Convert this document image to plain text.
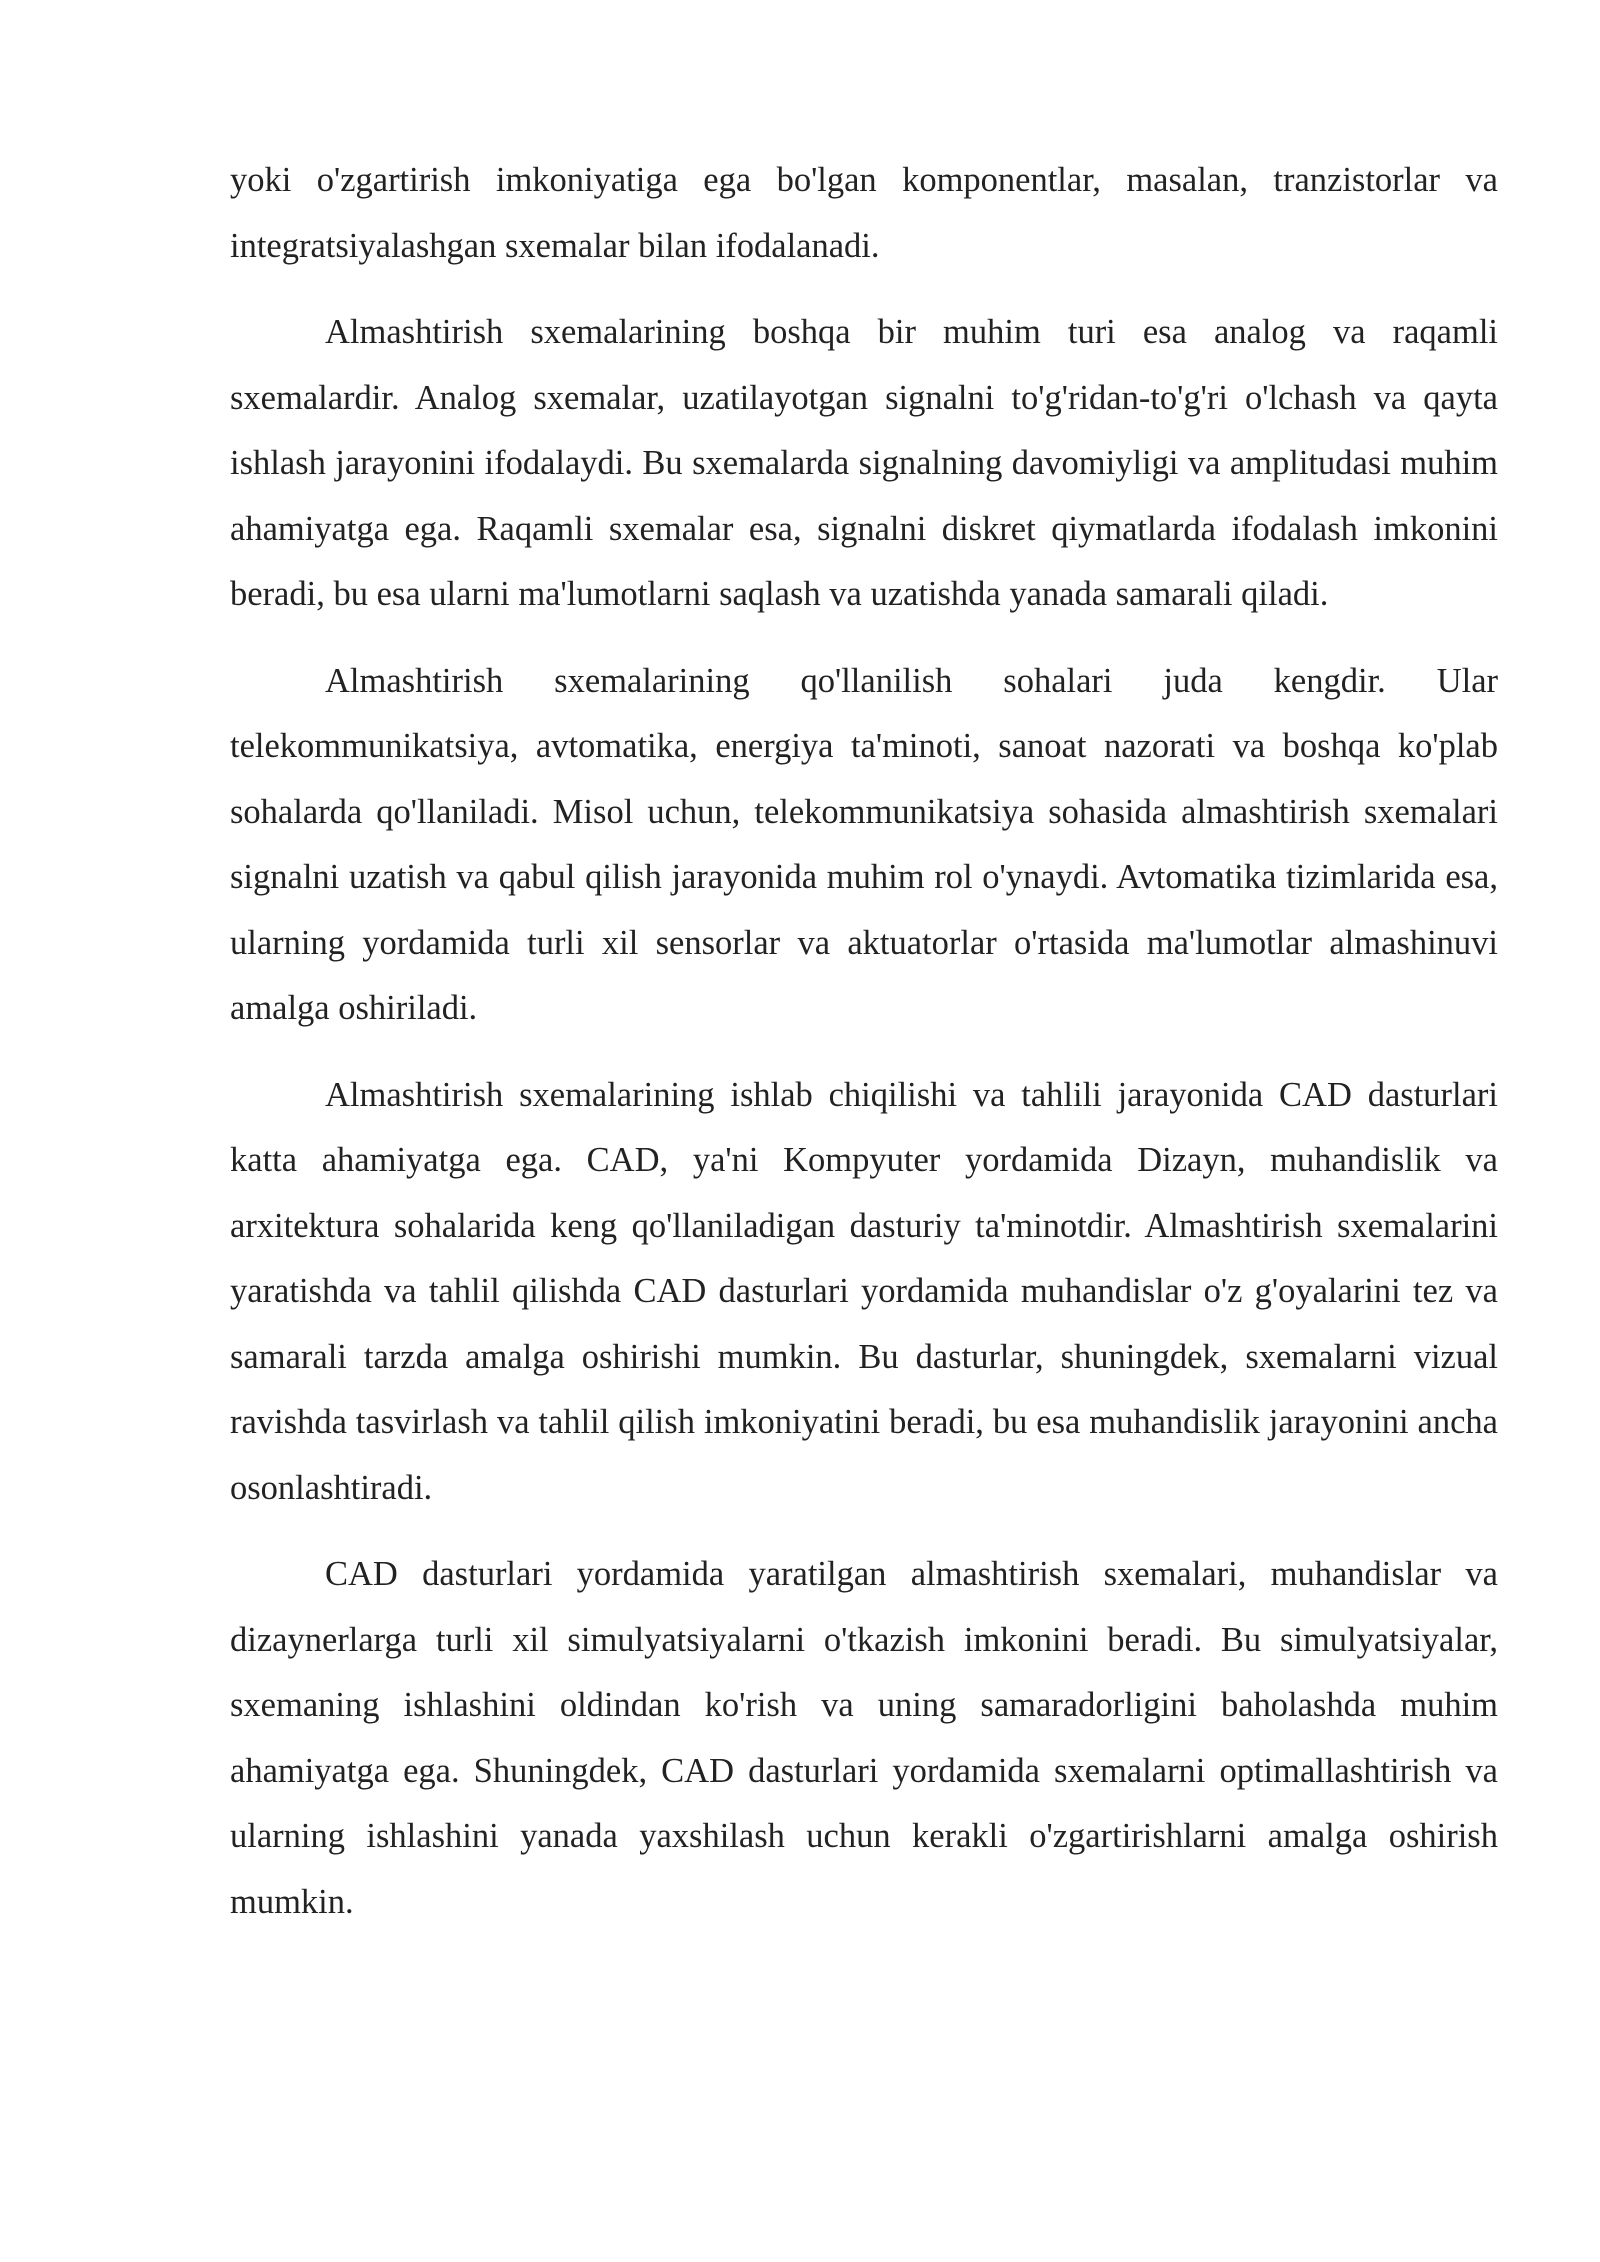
yoki o'zgartirish imkoniyatiga ega bo'lgan komponentlar, masalan, tranzistorlar va integratsiyalashgan sxemalar bilan ifodalanadi.

Almashtirish sxemalarining boshqa bir muhim turi esa analog va raqamli sxemalardir. Analog sxemalar, uzatilayotgan signalni to'g'ridan-to'g'ri o'lchash va qayta ishlash jarayonini ifodalaydi. Bu sxemalarda signalning davomiyligi va amplitudasi muhim ahamiyatga ega. Raqamli sxemalar esa, signalni diskret qiymatlarda ifodalash imkonini beradi, bu esa ularni ma'lumotlarni saqlash va uzatishda yanada samarali qiladi.

Almashtirish sxemalarining qo'llanilish sohalari juda kengdir. Ular telekommunikatsiya, avtomatika, energiya ta'minoti, sanoat nazorati va boshqa ko'plab sohalarda qo'llaniladi. Misol uchun, telekommunikatsiya sohasida almashtirish sxemalari signalni uzatish va qabul qilish jarayonida muhim rol o'ynaydi. Avtomatika tizimlarida esa, ularning yordamida turli xil sensorlar va aktuatorlar o'rtasida ma'lumotlar almashinuvi amalga oshiriladi.

Almashtirish sxemalarining ishlab chiqilishi va tahlili jarayonida CAD dasturlari katta ahamiyatga ega. CAD, ya'ni Kompyuter yordamida Dizayn, muhandislik va arxitektura sohalarida keng qo'llaniladigan dasturiy ta'minotdir. Almashtirish sxemalarini yaratishda va tahlil qilishda CAD dasturlari yordamida muhandislar o'z g'oyalarini tez va samarali tarzda amalga oshirishi mumkin. Bu dasturlar, shuningdek, sxemalarni vizual ravishda tasvirlash va tahlil qilish imkoniyatini beradi, bu esa muhandislik jarayonini ancha osonlashtiradi.

CAD dasturlari yordamida yaratilgan almashtirish sxemalari, muhandislar va dizaynerlarga turli xil simulyatsiyalarni o'tkazish imkonini beradi. Bu simulyatsiyalar, sxemaning ishlashini oldindan ko'rish va uning samaradorligini baholashda muhim ahamiyatga ega. Shuningdek, CAD dasturlari yordamida sxemalarni optimallashtirish va ularning ishlashini yanada yaxshilash uchun kerakli o'zgartirishlarni amalga oshirish mumkin.
